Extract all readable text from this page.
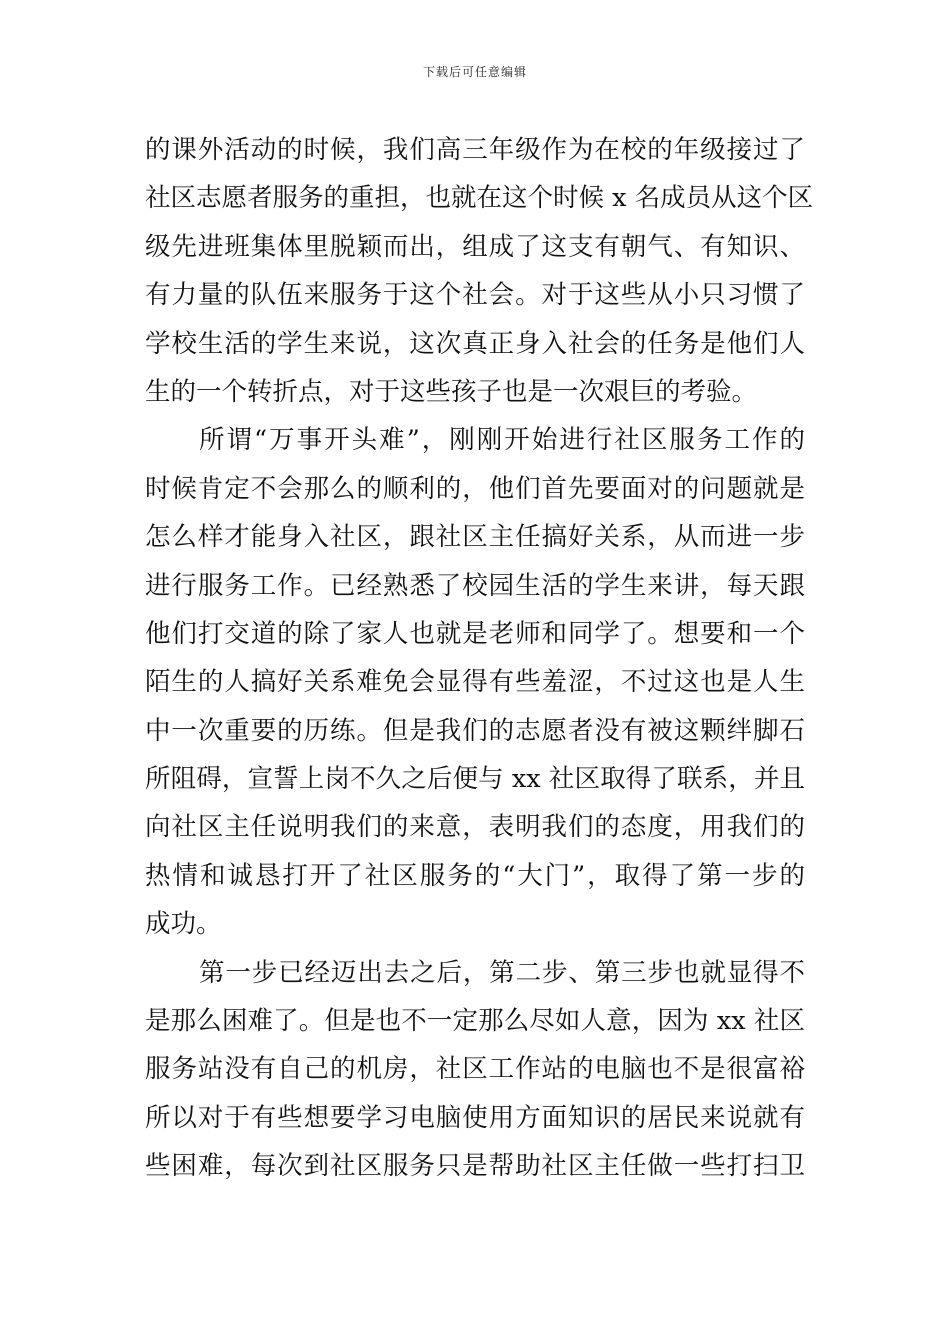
下载后可任意编辑
的课外活动的时候，我们高三年级作为在校的年级接过了
社区志愿者服务的重担，也就在这个时候 x 名成员从这个区
级先进班集体里脱颖而出，组成了这支有朝气、有知识、
有力量的队伍来服务于这个社会。对于这些从小只习惯了
学校生活的学生来说，这次真正身入社会的任务是他们人
生的一个转折点，对于这些孩子也是一次艰巨的考验。
所谓“万事开头难”，刚刚开始进行社区服务工作的
时候肯定不会那么的顺利的，他们首先要面对的问题就是
怎么样才能身入社区，跟社区主任搞好关系，从而进一步
进行服务工作。已经熟悉了校园生活的学生来讲，每天跟
他们打交道的除了家人也就是老师和同学了。想要和一个
陌生的人搞好关系难免会显得有些羞涩，不过这也是人生
中一次重要的历练。但是我们的志愿者没有被这颗绊脚石
所阻碍，宣誓上岗不久之后便与 xx 社区取得了联系，并且
向社区主任说明我们的来意，表明我们的态度，用我们的
热情和诚恳打开了社区服务的“大门”，取得了第一步的
成功。
第一步已经迈出去之后，第二步、第三步也就显得不
是那么困难了。但是也不一定那么尽如人意，因为 xx 社区
服务站没有自己的机房，社区工作站的电脑也不是很富裕
所以对于有些想要学习电脑使用方面知识的居民来说就有
些困难，每次到社区服务只是帮助社区主任做一些打扫卫
